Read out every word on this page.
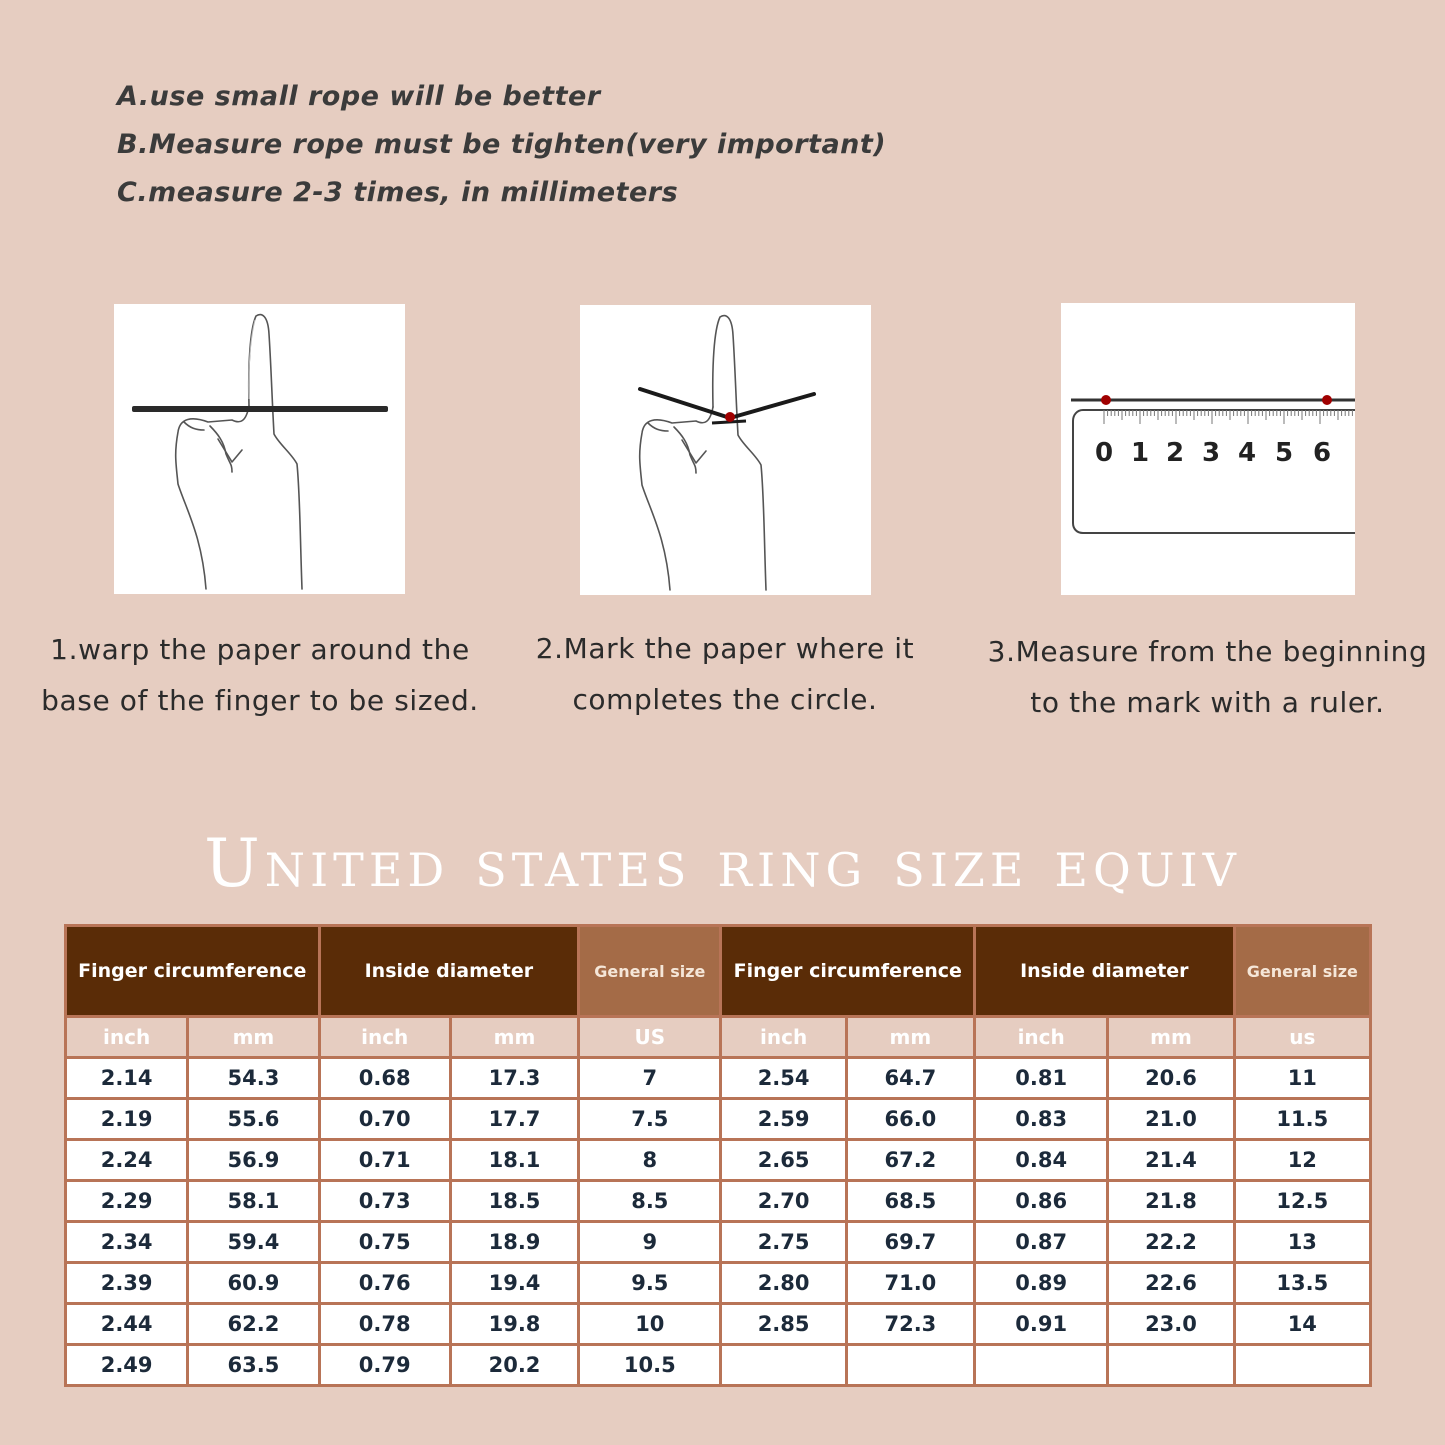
A.use small rope will be better
B.Measure rope must be tighten(very important)
C.measure 2-3 times, in millimeters
0 1 2 3 4 5 6
1.warp the paper around the
base of the finger to be sized.
2.Mark the paper where it
completes the circle.
3.Measure from the beginning
to the mark with a ruler.
United states ring size equiv
Finger circumference		Inside diameter		General size	Finger circumference		Inside diameter		General size
inch	mm	inch	mm	US	inch	mm	inch	mm	us
2.14	54.3	0.68	17.3	7	2.54	64.7	0.81	20.6	11
2.19	55.6	0.70	17.7	7.5	2.59	66.0	0.83	21.0	11.5
2.24	56.9	0.71	18.1	8	2.65	67.2	0.84	21.4	12
2.29	58.1	0.73	18.5	8.5	2.70	68.5	0.86	21.8	12.5
2.34	59.4	0.75	18.9	9	2.75	69.7	0.87	22.2	13
2.39	60.9	0.76	19.4	9.5	2.80	71.0	0.89	22.6	13.5
2.44	62.2	0.78	19.8	10	2.85	72.3	0.91	23.0	14
2.49	63.5	0.79	20.2	10.5					
